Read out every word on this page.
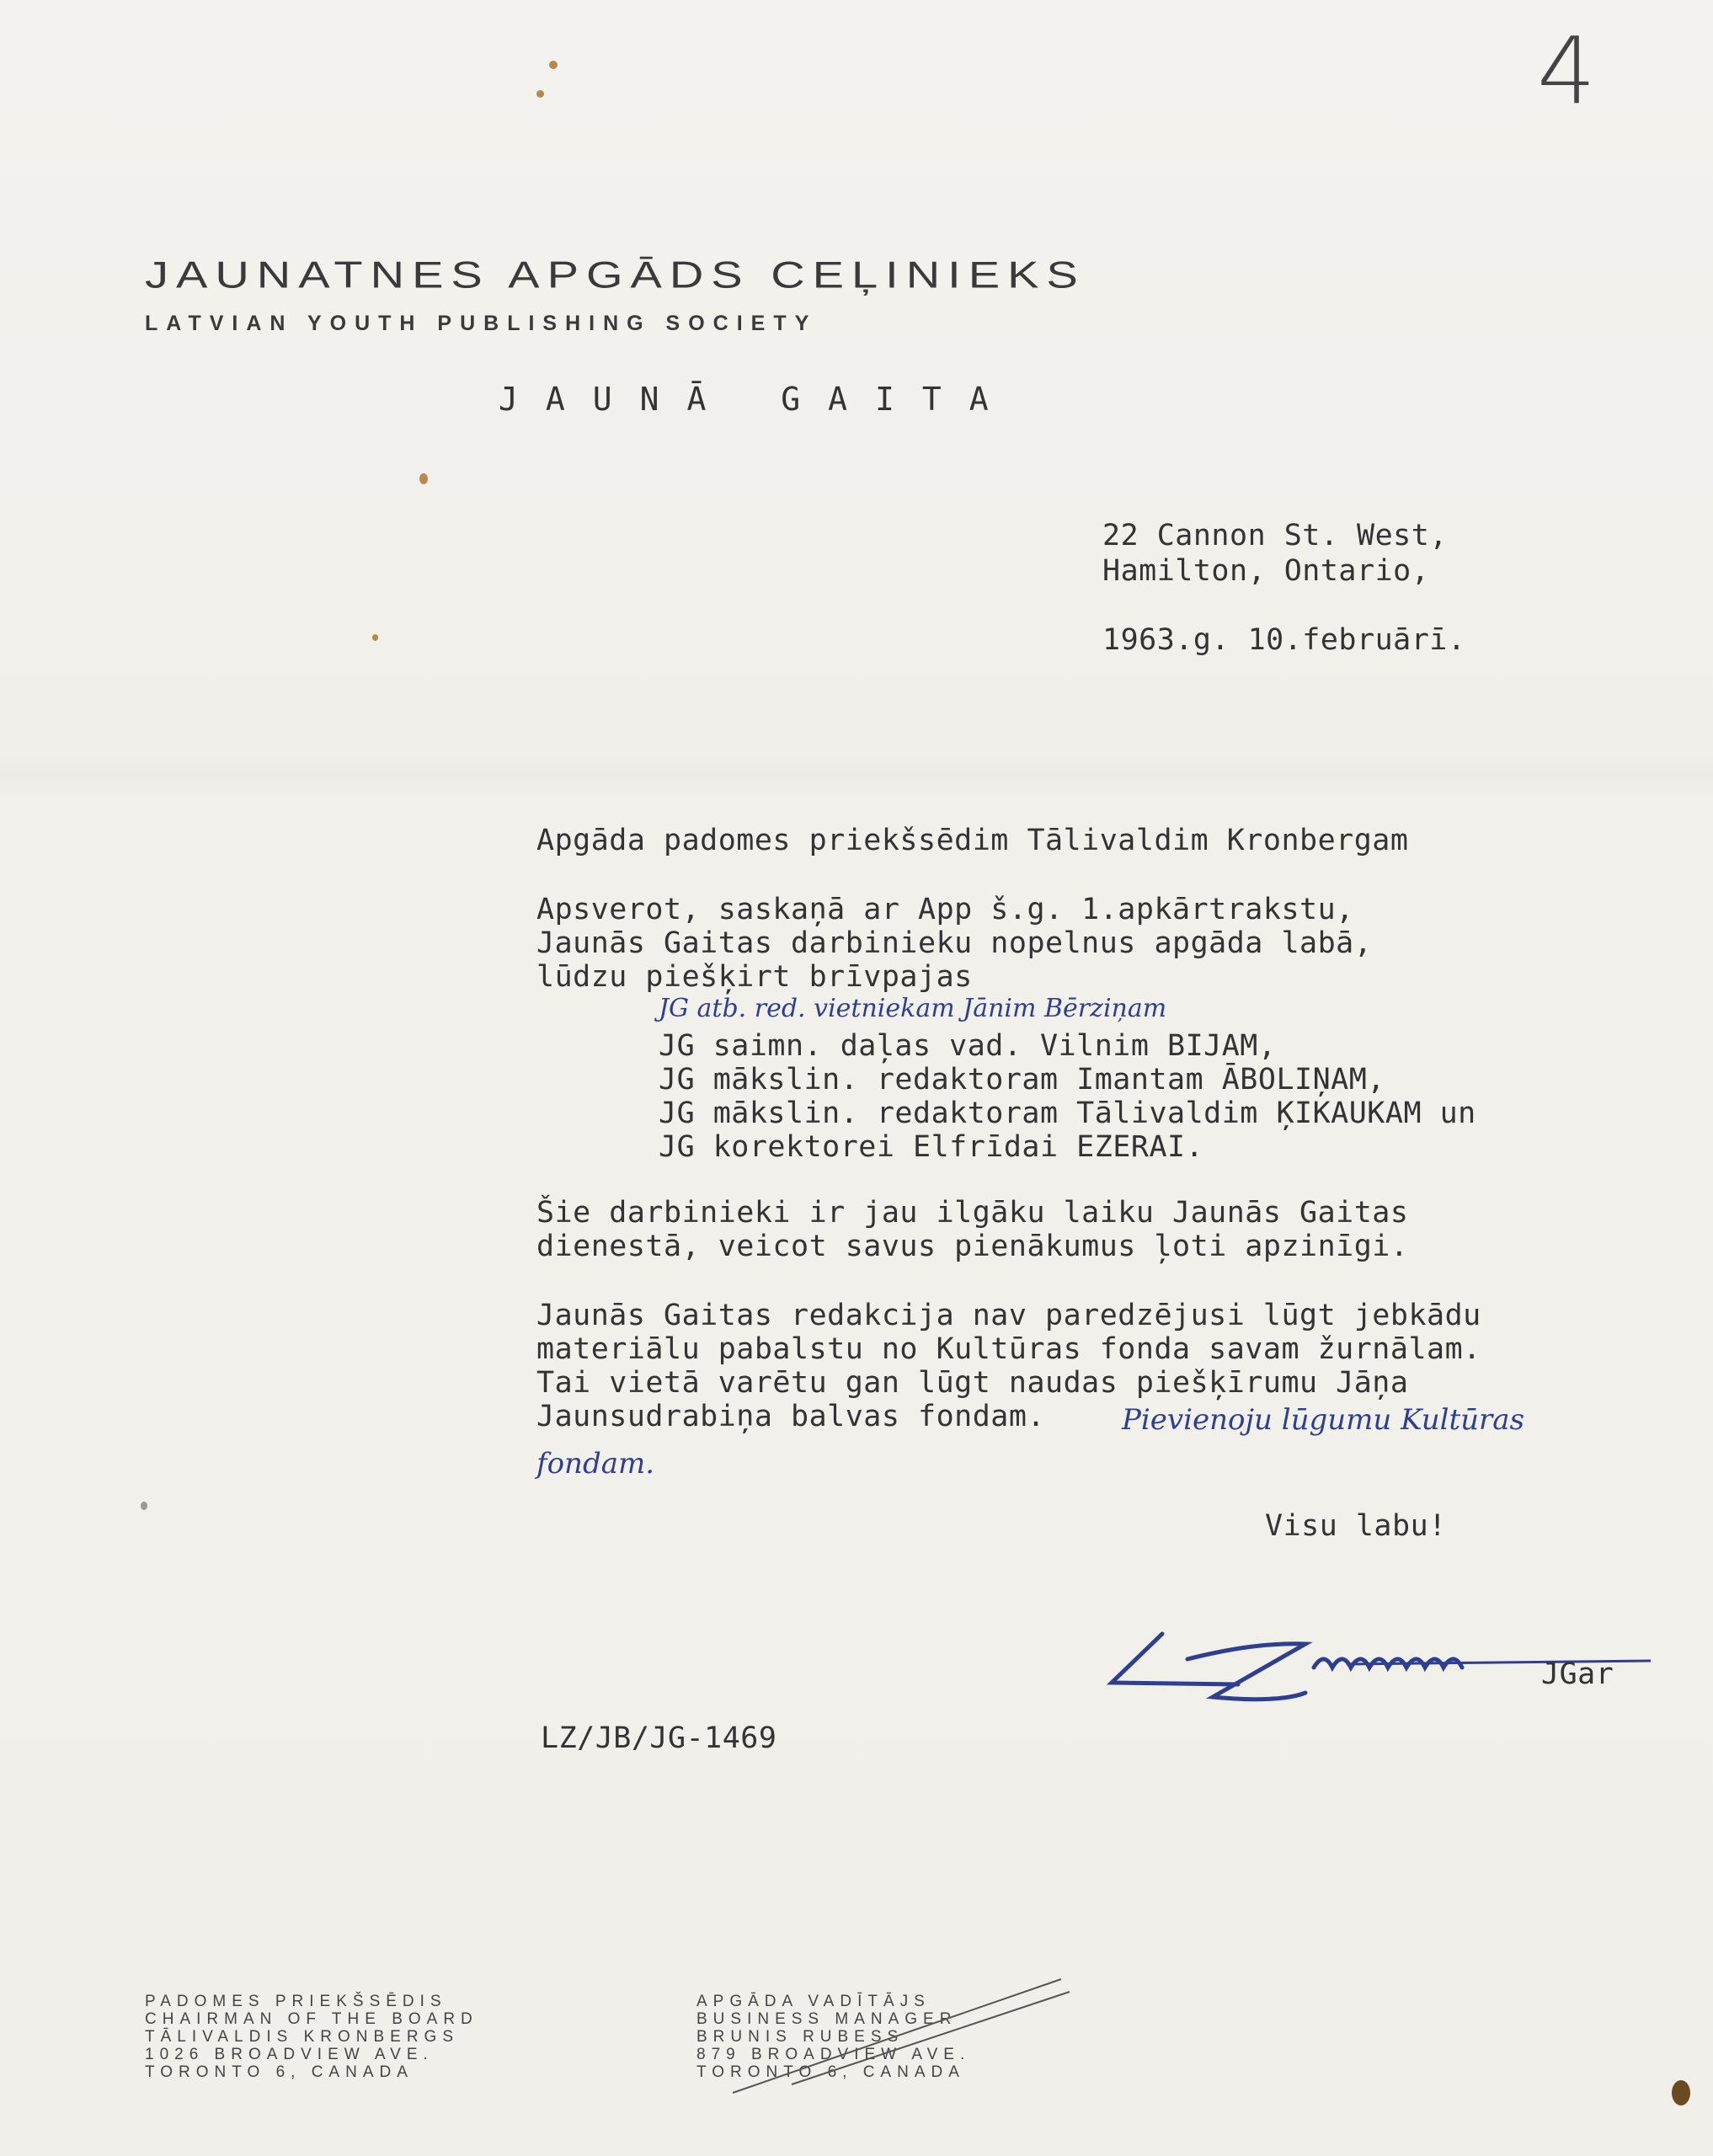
4
JAUNATNES APGĀDS CEĻINIEKS
LATVIAN YOUTH PUBLISHING SOCIETY
JAUNĀ GAITA
22 Cannon St. West,
Hamilton, Ontario,
1963.g. 10.februārī.
Apgāda padomes priekšsēdim Tālivaldim Kronbergam
Apsverot, saskaņā ar App š.g. 1.apkārtrakstu,
Jaunās Gaitas darbinieku nopelnus apgāda labā,
lūdzu piešķirt brīvpajas
JG atb. red. vietniekam Jānim Bērziņam
JG saimn. daļas vad. Vilnim BIJAM,
JG mākslin. redaktoram Imantam ĀBOLIŅAM,
JG mākslin. redaktoram Tālivaldim ĶIKAUKAM un
JG korektorei Elfrīdai EZERAI.
Šie darbinieki ir jau ilgāku laiku Jaunās Gaitas
dienestā, veicot savus pienākumus ļoti apzinīgi.
Jaunās Gaitas redakcija nav paredzējusi lūgt jebkādu
materiālu pabalstu no Kultūras fonda savam žurnālam.
Tai vietā varētu gan lūgt naudas piešķīrumu Jāņa
Jaunsudrabiņa balvas fondam.	Pievienoju lūgumu Kultūras
fondam.
Visu labu!
JGar
LZ/JB/JG-1469
PADOMES PRIEKŠSĒDIS
CHAIRMAN OF THE BOARD
TĀLIVALDIS KRONBERGS
1026 BROADVIEW AVE.
TORONTO 6, CANADA
APGĀDA VADĪTĀJS
BUSINESS MANAGER
BRUNIS RUBESS
879 BROADVIEW AVE.
TORONTO 6, CANADA
